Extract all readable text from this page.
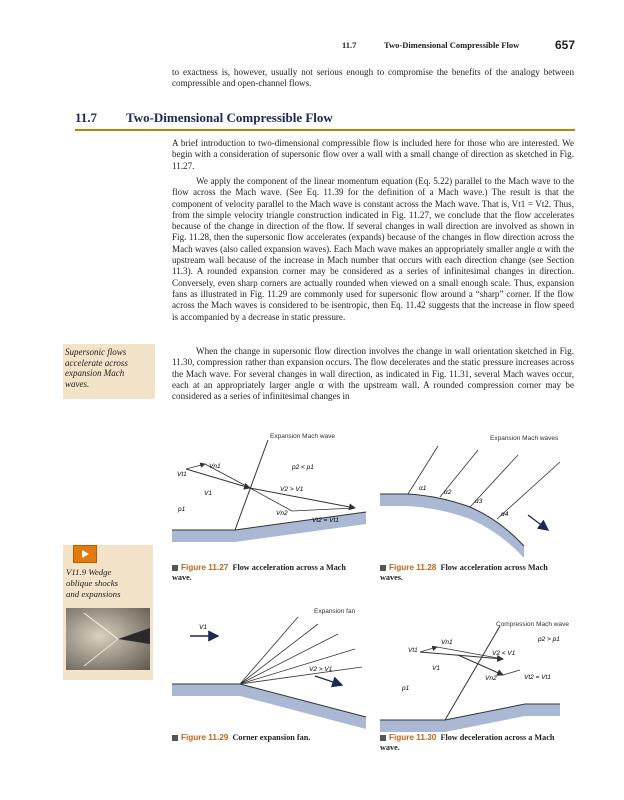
11.7	Two-Dimensional Compressible Flow	657

to exactness is, however, usually not serious enough to compromise the benefits of the analogy between compressible and open-channel flows.

11.7 Two-Dimensional Compressible Flow

A brief introduction to two-dimensional compressible flow is included here for those who are interested. We begin with a consideration of supersonic flow over a wall with a small change of direction as sketched in Fig. 11.27.

We apply the component of the linear momentum equation (Eq. 5.22) parallel to the Mach wave to the flow across the Mach wave. (See Eq. 11.39 for the definition of a Mach wave.) The result is that the component of velocity parallel to the Mach wave is constant across the Mach wave. That is, Vt1 = Vt2. Thus, from the simple velocity triangle construction indicated in Fig. 11.27, we conclude that the flow accelerates because of the change in direction of the flow. If several changes in wall direction are involved as shown in Fig. 11.28, then the supersonic flow accelerates (expands) because of the changes in flow direction across the Mach waves (also called expansion waves). Each Mach wave makes an appropriately smaller angle α with the upstream wall because of the increase in Mach number that occurs with each direction change (see Section 11.3). A rounded expansion corner may be considered as a series of infinitesimal changes in direction. Conversely, even sharp corners are actually rounded when viewed on a small enough scale. Thus, expansion fans as illustrated in Fig. 11.29 are commonly used for supersonic flow around a “sharp” corner. If the flow across the Mach waves is considered to be isentropic, then Eq. 11.42 suggests that the increase in flow speed is accompanied by a decrease in static pressure.

When the change in supersonic flow direction involves the change in wall orientation sketched in Fig. 11.30, compression rather than expansion occurs. The flow decelerates and the static pressure increases across the Mach wave. For several changes in wall direction, as indicated in Fig. 11.31, several Mach waves occur, each at an appropriately larger angle α with the upstream wall. A rounded compression corner may be considered as a series of infinitesimal changes in

Supersonic flows
accelerate across
expansion Mach
waves.
V11.9 Wedge
oblique shocks
and expansions
Expansion Mach wave
Vt1
Vn1
V1
p1
p2 < p1
V2 > V1
Vn2
Vt2 = Vt1
Expansion Mach waves
α1
α2
α3
α4
Expansion fan
V1
V2 > V1
Compression Mach wave
p2 > p1
Vt1
Vn1
V1
p1
V2 < V1
Vn2	Vt2 = Vt1
Figure 11.27 Flow acceleration across a Mach wave.
Figure 11.28 Flow acceleration across Mach waves.
Figure 11.29 Corner expansion fan.	Figure 11.30 Flow deceleration across a Mach wave.
